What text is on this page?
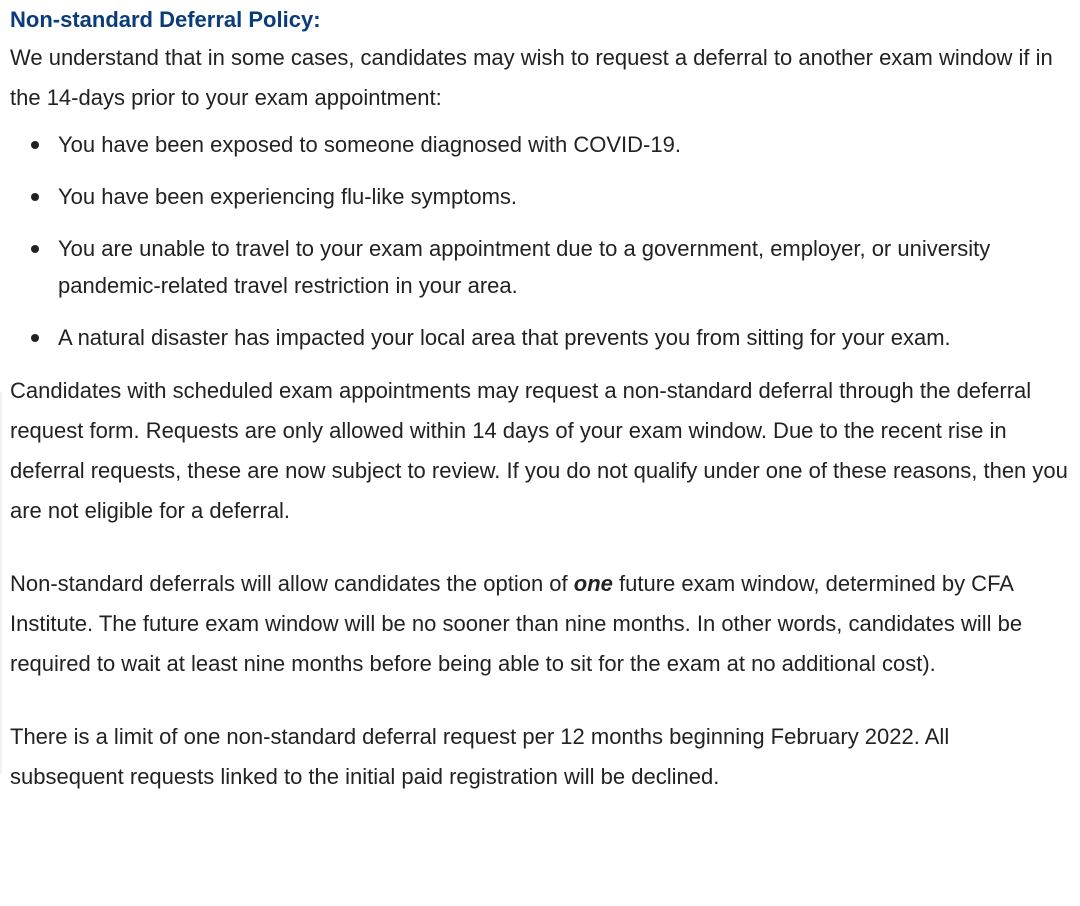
Non-standard Deferral Policy:

We understand that in some cases, candidates may wish to request a deferral to another exam window if in the 14-days prior to your exam appointment:

You have been exposed to someone diagnosed with COVID-19.
You have been experiencing flu-like symptoms.
You are unable to travel to your exam appointment due to a government, employer, or university pandemic-related travel restriction in your area.
A natural disaster has impacted your local area that prevents you from sitting for your exam.

Candidates with scheduled exam appointments may request a non-standard deferral through the deferral request form. Requests are only allowed within 14 days of your exam window. Due to the recent rise in deferral requests, these are now subject to review. If you do not qualify under one of these reasons, then you are not eligible for a deferral.

Non-standard deferrals will allow candidates the option of one future exam window, determined by CFA Institute. The future exam window will be no sooner than nine months. In other words, candidates will be required to wait at least nine months before being able to sit for the exam at no additional cost).

There is a limit of one non-standard deferral request per 12 months beginning February 2022. All subsequent requests linked to the initial paid registration will be declined.
